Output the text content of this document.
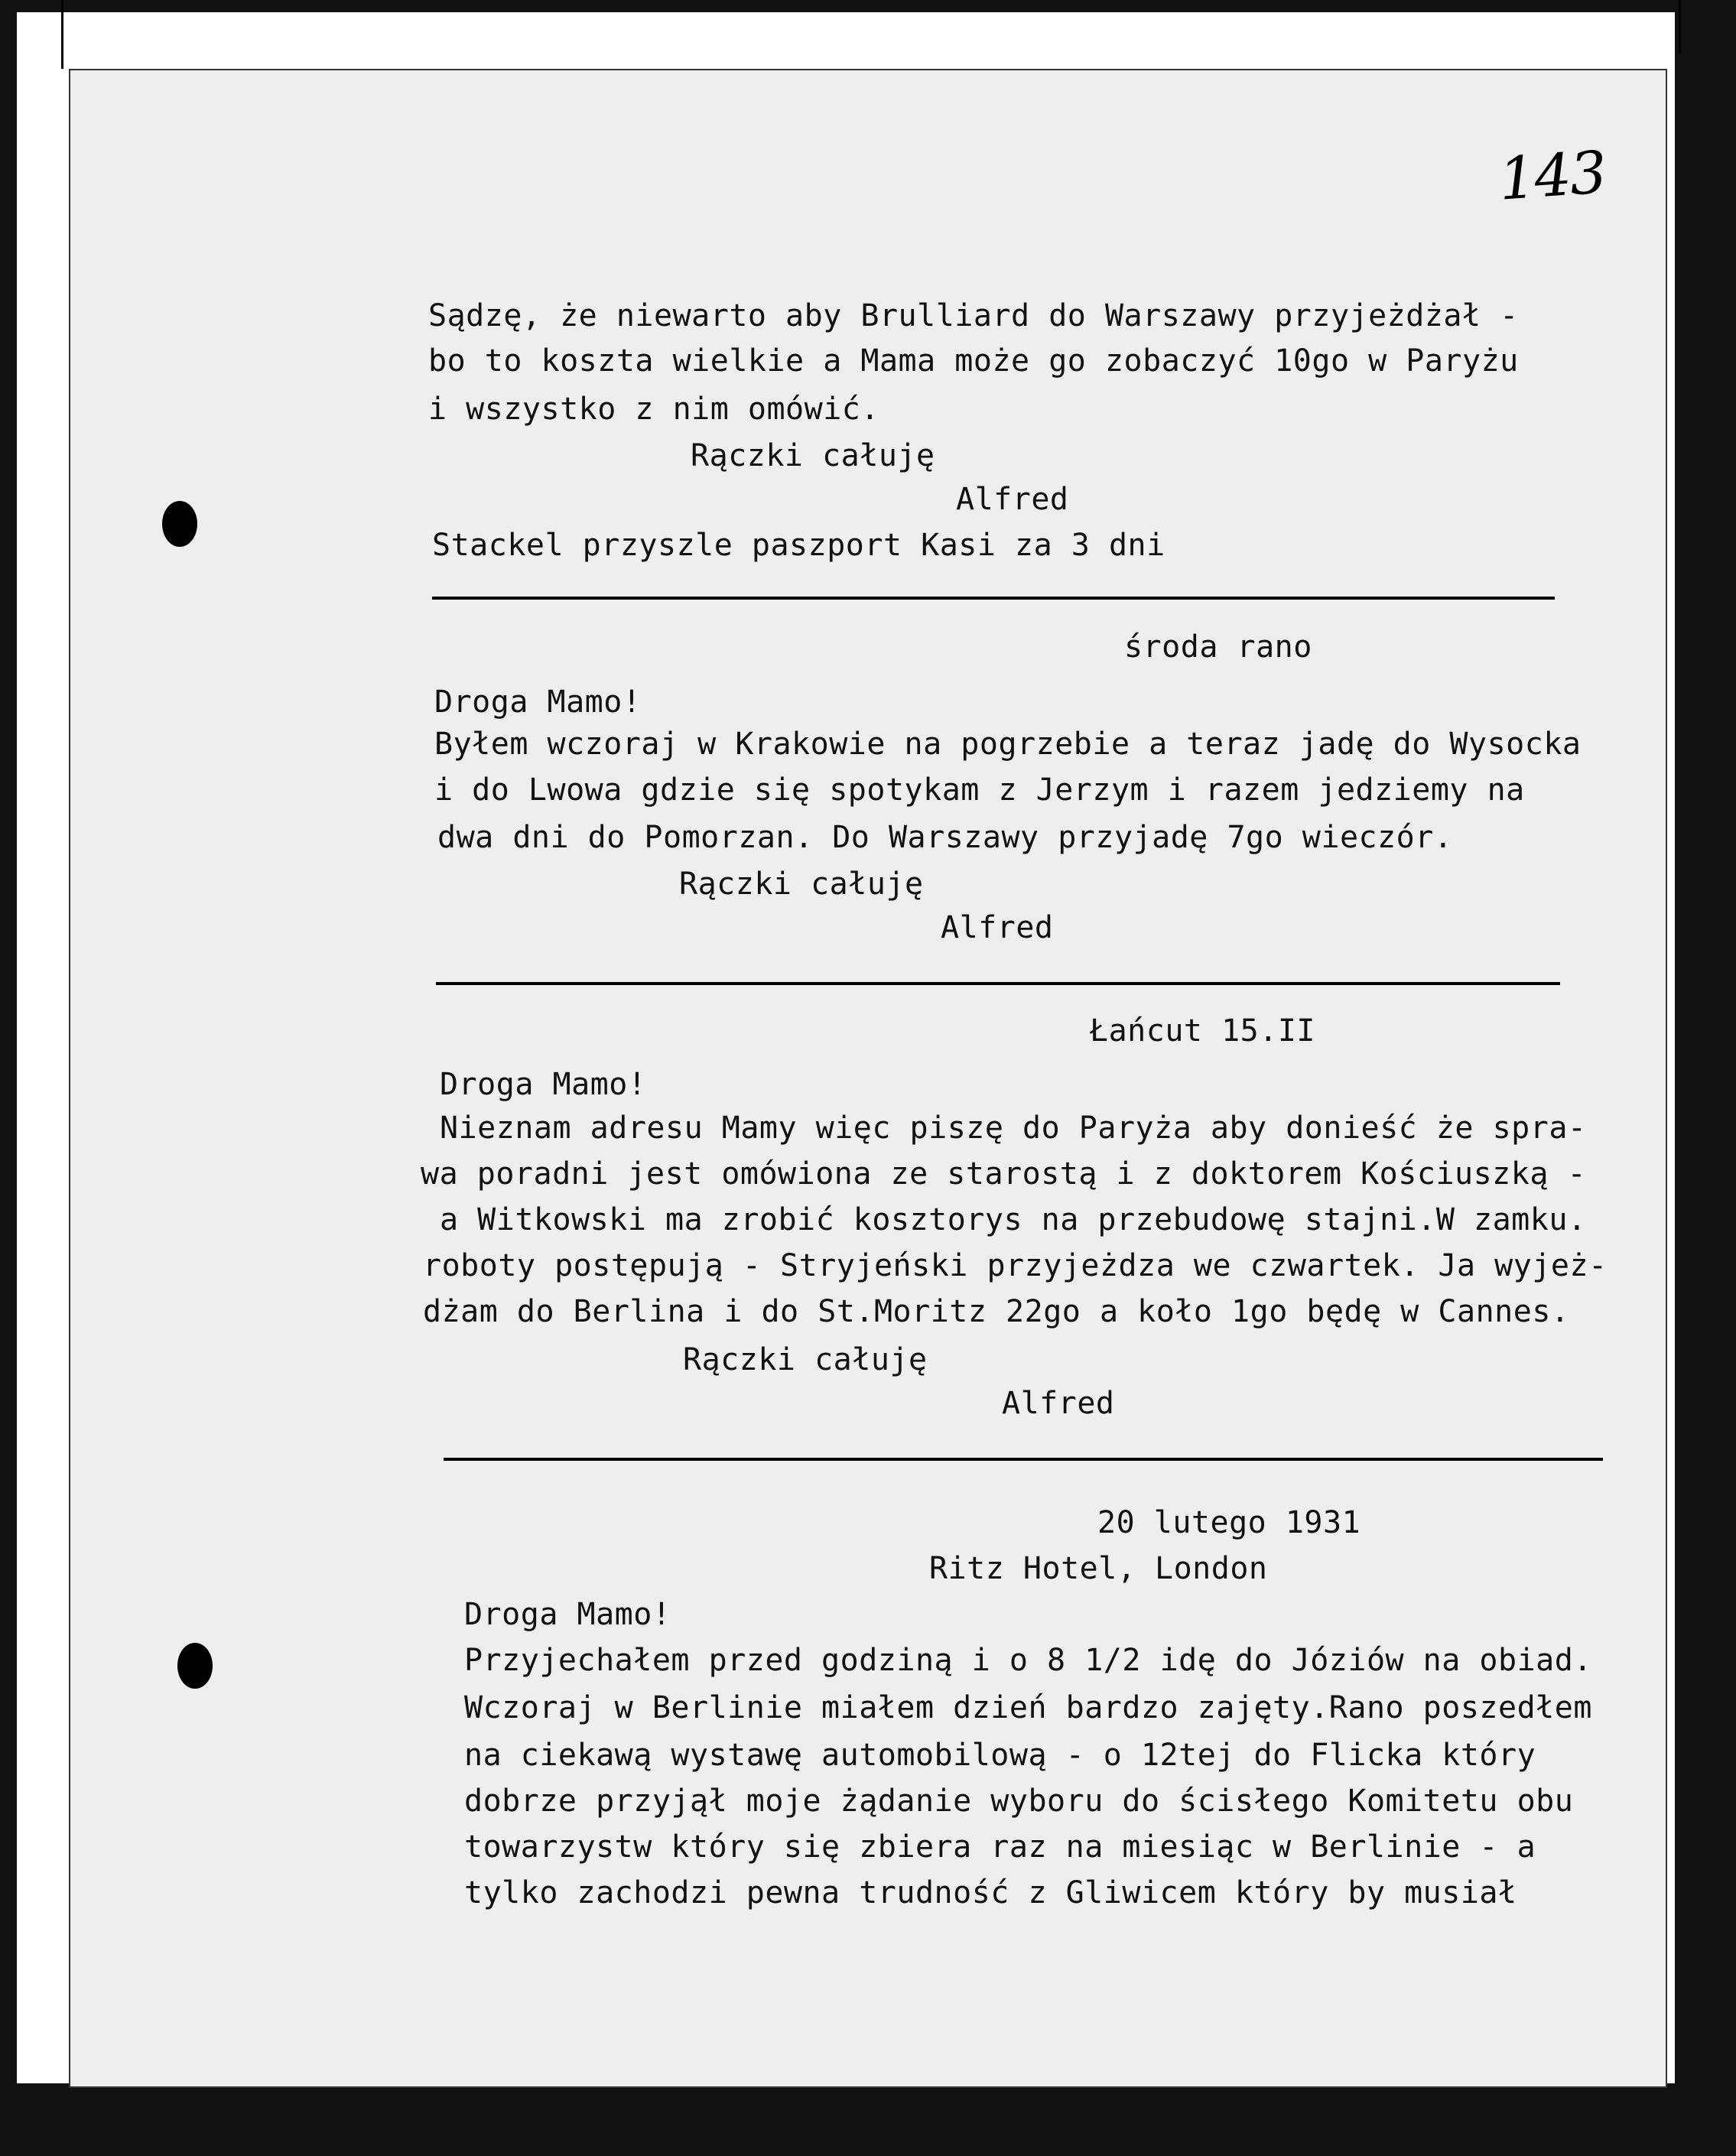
143
Sądzę, że niewarto aby Brulliard do Warszawy przyjeżdżał -
bo to koszta wielkie a Mama może go zobaczyć 10go w Paryżu
i wszystko z nim omówić.
Rączki całuję
Alfred
Stackel przyszle paszport Kasi za 3 dni
środa rano
Droga Mamo!
Byłem wczoraj w Krakowie na pogrzebie a teraz jadę do Wysocka
i do Lwowa gdzie się spotykam z Jerzym i razem jedziemy na
dwa dni do Pomorzan. Do Warszawy przyjadę 7go wieczór.
Rączki całuję
Alfred
Łańcut 15.II
Droga Mamo!
Nieznam adresu Mamy więc piszę do Paryża aby donieść że spra-
wa poradni jest omówiona ze starostą i z doktorem Kościuszką -
a Witkowski ma zrobić kosztorys na przebudowę stajni.W zamku.
roboty postępują - Stryjeński przyjeżdza we czwartek. Ja wyjeż-
dżam do Berlina i do St.Moritz 22go a koło 1go będę w Cannes.
Rączki całuję
Alfred
20 lutego 1931
Ritz Hotel, London
Droga Mamo!
Przyjechałem przed godziną i o 8 1/2 idę do Józiów na obiad.
Wczoraj w Berlinie miałem dzień bardzo zajęty.Rano poszedłem
na ciekawą wystawę automobilową - o 12tej do Flicka który
dobrze przyjął moje żądanie wyboru do ścisłego Komitetu obu
towarzystw który się zbiera raz na miesiąc w Berlinie - a
tylko zachodzi pewna trudność z Gliwicem który by musiał
